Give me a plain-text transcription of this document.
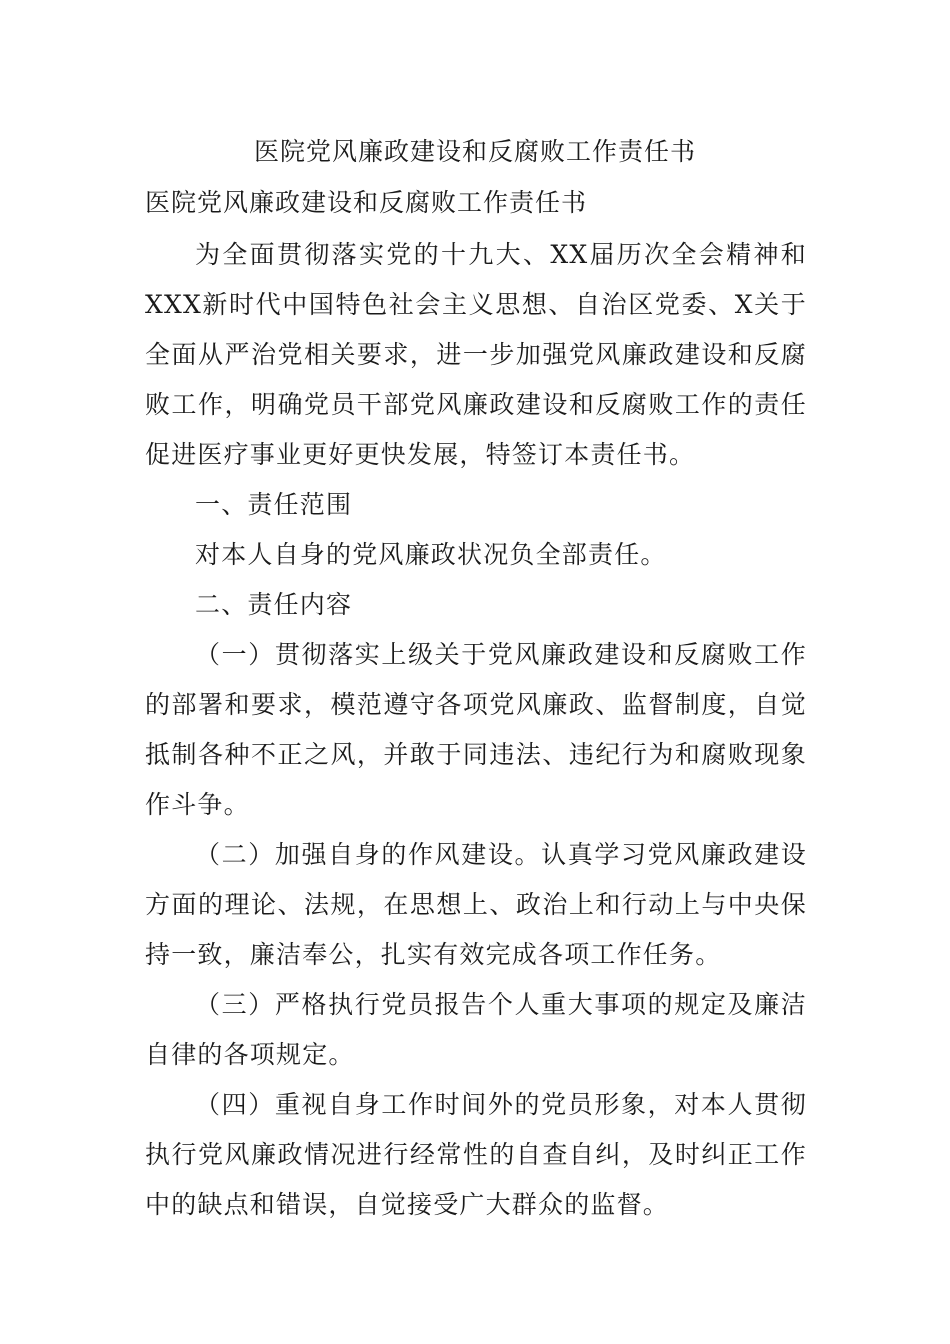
医院党风廉政建设和反腐败工作责任书

医院党风廉政建设和反腐败工作责任书

为全面贯彻落实党的十九大、XX届历次全会精神和XXX新时代中国特色社会主义思想、自治区党委、X关于全面从严治党相关要求，进一步加强党风廉政建设和反腐败工作，明确党员干部党风廉政建设和反腐败工作的责任促进医疗事业更好更快发展，特签订本责任书。

一、责任范围

对本人自身的党风廉政状况负全部责任。

二、责任内容

（一）贯彻落实上级关于党风廉政建设和反腐败工作的部署和要求，模范遵守各项党风廉政、监督制度，自觉抵制各种不正之风，并敢于同违法、违纪行为和腐败现象作斗争。

（二）加强自身的作风建设。认真学习党风廉政建设方面的理论、法规，在思想上、政治上和行动上与中央保持一致，廉洁奉公，扎实有效完成各项工作任务。

（三）严格执行党员报告个人重大事项的规定及廉洁自律的各项规定。

（四）重视自身工作时间外的党员形象，对本人贯彻执行党风廉政情况进行经常性的自查自纠，及时纠正工作中的缺点和错误，自觉接受广大群众的监督。
